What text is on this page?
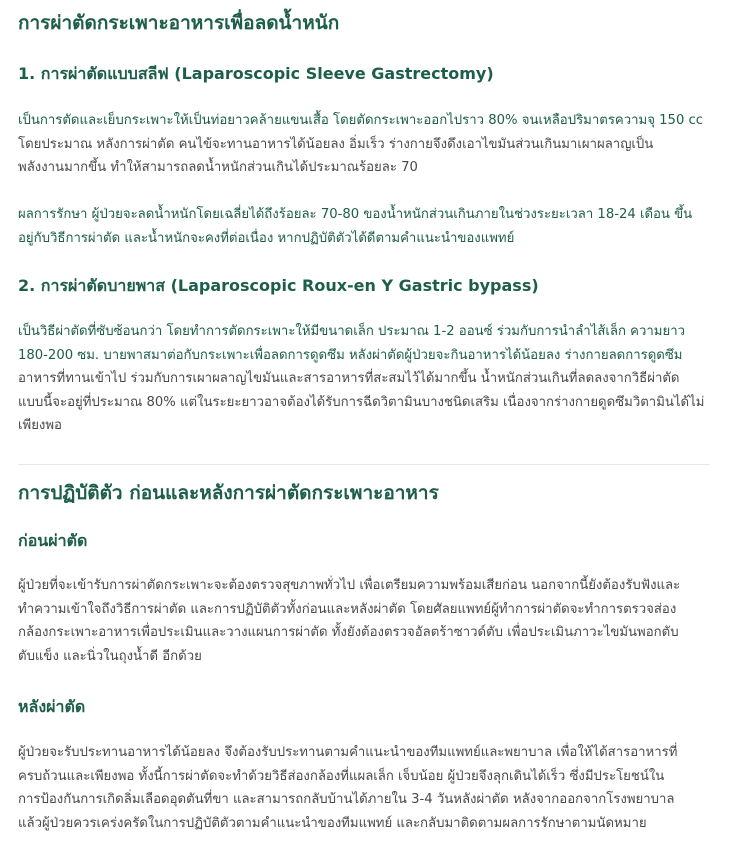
การผ่าตัดกระเพาะอาหารเพื่อลดน้ำหนัก
1. การผ่าตัดแบบสลีฟ (Laparoscopic Sleeve Gastrectomy)

เป็นการตัดและเย็บกระเพาะให้เป็นท่อยาวคล้ายแขนเสื้อ โดยตัดกระเพาะออกไปราว 80% จนเหลือปริมาตรความจุ 150 cc
โดยประมาณ หลังการผ่าตัด คนไข้จะทานอาหารได้น้อยลง อิ่มเร็ว ร่างกายจึงดึงเอาไขมันส่วนเกินมาเผาผลาญเป็น
พลังงานมากขึ้น ทำให้สามารถลดน้ำหนักส่วนเกินได้ประมาณร้อยละ 70

ผลการรักษา ผู้ป่วยจะลดน้ำหนักโดยเฉลี่ยได้ถึงร้อยละ 70-80 ของน้ำหนักส่วนเกินภายในช่วงระยะเวลา 18-24 เดือน ขึ้น
อยู่กับวิธีการผ่าตัด และน้ำหนักจะคงที่ต่อเนื่อง หากปฏิบัติตัวได้ดีตามคำแนะนำของแพทย์

2. การผ่าตัดบายพาส (Laparoscopic Roux-en Y Gastric bypass)

เป็นวิธีผ่าตัดที่ซับซ้อนกว่า โดยทำการตัดกระเพาะให้มีขนาดเล็ก ประมาณ 1-2 ออนซ์ ร่วมกับการนำลำไส้เล็ก ความยาว
180-200 ซม. บายพาสมาต่อกับกระเพาะเพื่อลดการดูดซึม หลังผ่าตัดผู้ป่วยจะกินอาหารได้น้อยลง ร่างกายลดการดูดซึม
อาหารที่ทานเข้าไป ร่วมกับการเผาผลาญไขมันและสารอาหารที่สะสมไว้ได้มากขึ้น น้ำหนักส่วนเกินที่ลดลงจากวิธีผ่าตัด
แบบนี้จะอยู่ที่ประมาณ 80% แต่ในระยะยาวอาจต้องได้รับการฉีดวิตามินบางชนิดเสริม เนื่องจากร่างกายดูดซึมวิตามินได้ไม่
เพียงพอ

การปฏิบัติตัว ก่อนและหลังการผ่าตัดกระเพาะอาหาร
ก่อนผ่าตัด

ผู้ป่วยที่จะเข้ารับการผ่าตัดกระเพาะจะต้องตรวจสุขภาพทั่วไป เพื่อเตรียมความพร้อมเสียก่อน นอกจากนี้ยังต้องรับฟังและ
ทำความเข้าใจถึงวิธีการผ่าตัด และการปฏิบัติตัวทั้งก่อนและหลังผ่าตัด โดยศัลยแพทย์ผู้ทำการผ่าตัดจะทำการตรวจส่อง
กล้องกระเพาะอาหารเพื่อประเมินและวางแผนการผ่าตัด ทั้งยังต้องตรวจอัลตร้าซาวด์ตับ เพื่อประเมินภาวะไขมันพอกตับ
ตับแข็ง และนิ่วในถุงน้ำดี อีกด้วย

หลังผ่าตัด

ผู้ป่วยจะรับประทานอาหารได้น้อยลง จึงต้องรับประทานตามคำแนะนำของทีมแพทย์และพยาบาล เพื่อให้ได้สารอาหารที่
ครบถ้วนและเพียงพอ ทั้งนี้การผ่าตัดจะทำด้วยวิธีส่องกล้องที่แผลเล็ก เจ็บน้อย ผู้ป่วยจึงลุกเดินได้เร็ว ซึ่งมีประโยชน์ใน
การป้องกันการเกิดลิ่มเลือดอุดตันที่ขา และสามารถกลับบ้านได้ภายใน 3-4 วันหลังผ่าตัด หลังจากออกจากโรงพยาบาล
แล้วผู้ป่วยควรเคร่งครัดในการปฏิบัติตัวตามคำแนะนำของทีมแพทย์ และกลับมาติดตามผลการรักษาตามนัดหมาย
